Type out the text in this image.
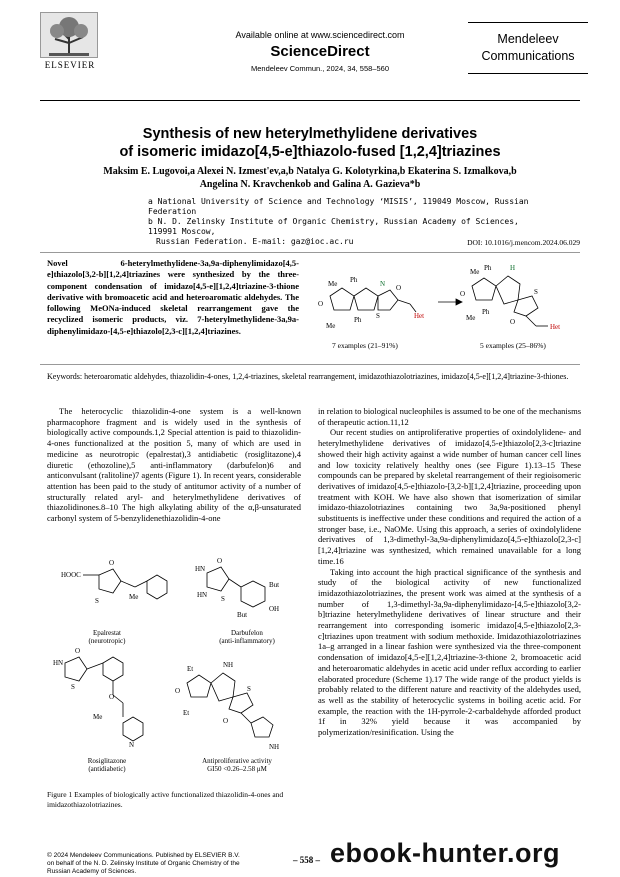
ELSEVIER
Available online at www.sciencedirect.com
ScienceDirect
Mendeleev Commun., 2024, 34, 558–560
Mendeleev
Communications
Synthesis of new heterylmethylidene derivatives
of isomeric imidazo[4,5-e]thiazolo-fused [1,2,4]triazines
Maksim E. Lugovoi,a Alexei N. Izmest'ev,a,b Natalya G. Kolotyrkina,b Ekaterina S. Izmalkova,b
Angelina N. Kravchenkob and Galina A. Gazieva*b
a National University of Science and Technology ‘MISIS’, 119049 Moscow, Russian Federation
b N. D. Zelinsky Institute of Organic Chemistry, Russian Academy of Sciences, 119991 Moscow,
Russian Federation. E-mail: gaz@ioc.ac.ru	DOI: 10.1016/j.mencom.2024.06.029
Novel 6-heterylmethylidene-3a,9a-diphenylimidazo[4,5-e]thiazolo[3,2-b][1,2,4]triazines were synthesized by the three-component condensation of imidazo[4,5-e][1,2,4]triazine-3-thione derivative with bromoacetic acid and heteroaromatic aldehydes. The following MeONa-induced skeletal rearrangement gave the recyclized isomeric products, viz. 7-heterylmethylidene-3a,9a-diphenylimidazo-[4,5-e]thiazolo[2,3-c][1,2,4]triazines.
Me Ph
Ph
Me
O
S
O
Het
N
7 examples (21–91%)
Me Ph
Ph
Me
O
H
S
O
Het
5 examples (25–86%)
Keywords: heteroaromatic aldehydes, thiazolidin-4-ones, 1,2,4-triazines, skeletal rearrangement, imidazothiazolotriazines, imidazo[4,5-e][1,2,4]triazine-3-thiones.

The heterocyclic thiazolidin-4-one system is a well-known pharmacophore fragment and is widely used in the synthesis of biologically active compounds.1,2 Special attention is paid to thiazolidin-4-ones functionalized at the position 5, many of which are used in medicine as neurotropic (epalrestat),3 antidiabetic (rosiglitazone),4 diuretic (ethozoline),5 anti-inflammatory (darbufelon)6 and anticonvulsant (ralitoline)7 agents (Figure 1). In recent years, considerable attention has been paid to the study of antitumor activity of a number of structurally related aryl- and heterylmethylidene derivatives of thiazolidinones.8–10 The high alkylating ability of the α,β-unsaturated carbonyl system of 5-benzylidenethiazolidin-4-one

HOOC
S
O
Me
Epalrestat
(neurotropic)
HN
HN S
O
But
OH
But
Darbufelon
(anti-inflammatory)
HN
S
O
O
Me
N
Rosiglitazone
(antidiabetic)
Et
Et
O
NH
S
O
NH
Antiproliferative activity
GI50 <0.26–2.58 μM
Figure 1 Examples of biologically active functionalized thiazolidin-4-ones and imidazothiazolotriazines.

in relation to biological nucleophiles is assumed to be one of the mechanisms of therapeutic action.11,12

Our recent studies on antiproliferative properties of oxindolylidene- and heterylmethylidene derivatives of imidazo[4,5-e]thiazolo[2,3-c]triazine showed their high activity against a wide number of human cancer cell lines and low toxicity relatively healthy ones (see Figure 1).13–15 These compounds can be prepared by skeletal rearrangement of their regioisomeric derivatives of imidazo[4,5-e]thiazolo-[3,2-b][1,2,4]triazine, proceeding upon treatment with KOH. We have also shown that isomerization of similar imidazo-thiazolotriazines containing two 3a,9a-positioned phenyl substituents is ineffective under these conditions and required the action of a stronger base, i.e., NaOMe. Using this approach, a series of oxindolylidene derivatives of 1,3-dimethyl-3a,9a-diphenylimidazo[4,5-e]thiazolo[2,3-c][1,2,4]triazine was synthesized, which remained unavailable for a long time.16

Taking into account the high practical significance of the synthesis and study of the biological activity of new functionalized imidazothiazolotriazines, the present work was aimed at the synthesis of a number of 1,3-dimethyl-3a,9a-diphenylimidazo-[4,5-e]thiazolo[3,2-b]triazine heterylmethylidene derivatives of linear structure and their rearrangement into corresponding isomeric imidazo[4,5-e]thiazolo[2,3-c]triazines upon treatment with sodium methoxide. Imidazothiazolotriazines 1a–g arranged in a linear fashion were synthesized via the three-component condensation of imidazo[4,5-e][1,2,4]triazine-3-thione 2, bromoacetic acid and heteroaromatic aldehydes in acetic acid under reflux according to earlier elaborated procedure (Scheme 1).17 The wide range of the product yields is probably related to the different nature and reactivity of the aldehydes used, as well as the stability of heterocyclic systems in boiling acetic acid. For example, the reaction with the 1H-pyrrole-2-carbaldehyde afforded product 1f in 32% yield because it was accompanied by polymerization/resinification. Using the

© 2024 Mendeleev Communications. Published by ELSEVIER B.V.
on behalf of the N. D. Zelinsky Institute of Organic Chemistry of the
Russian Academy of Sciences.
– 558 – ebook-hunter.org
